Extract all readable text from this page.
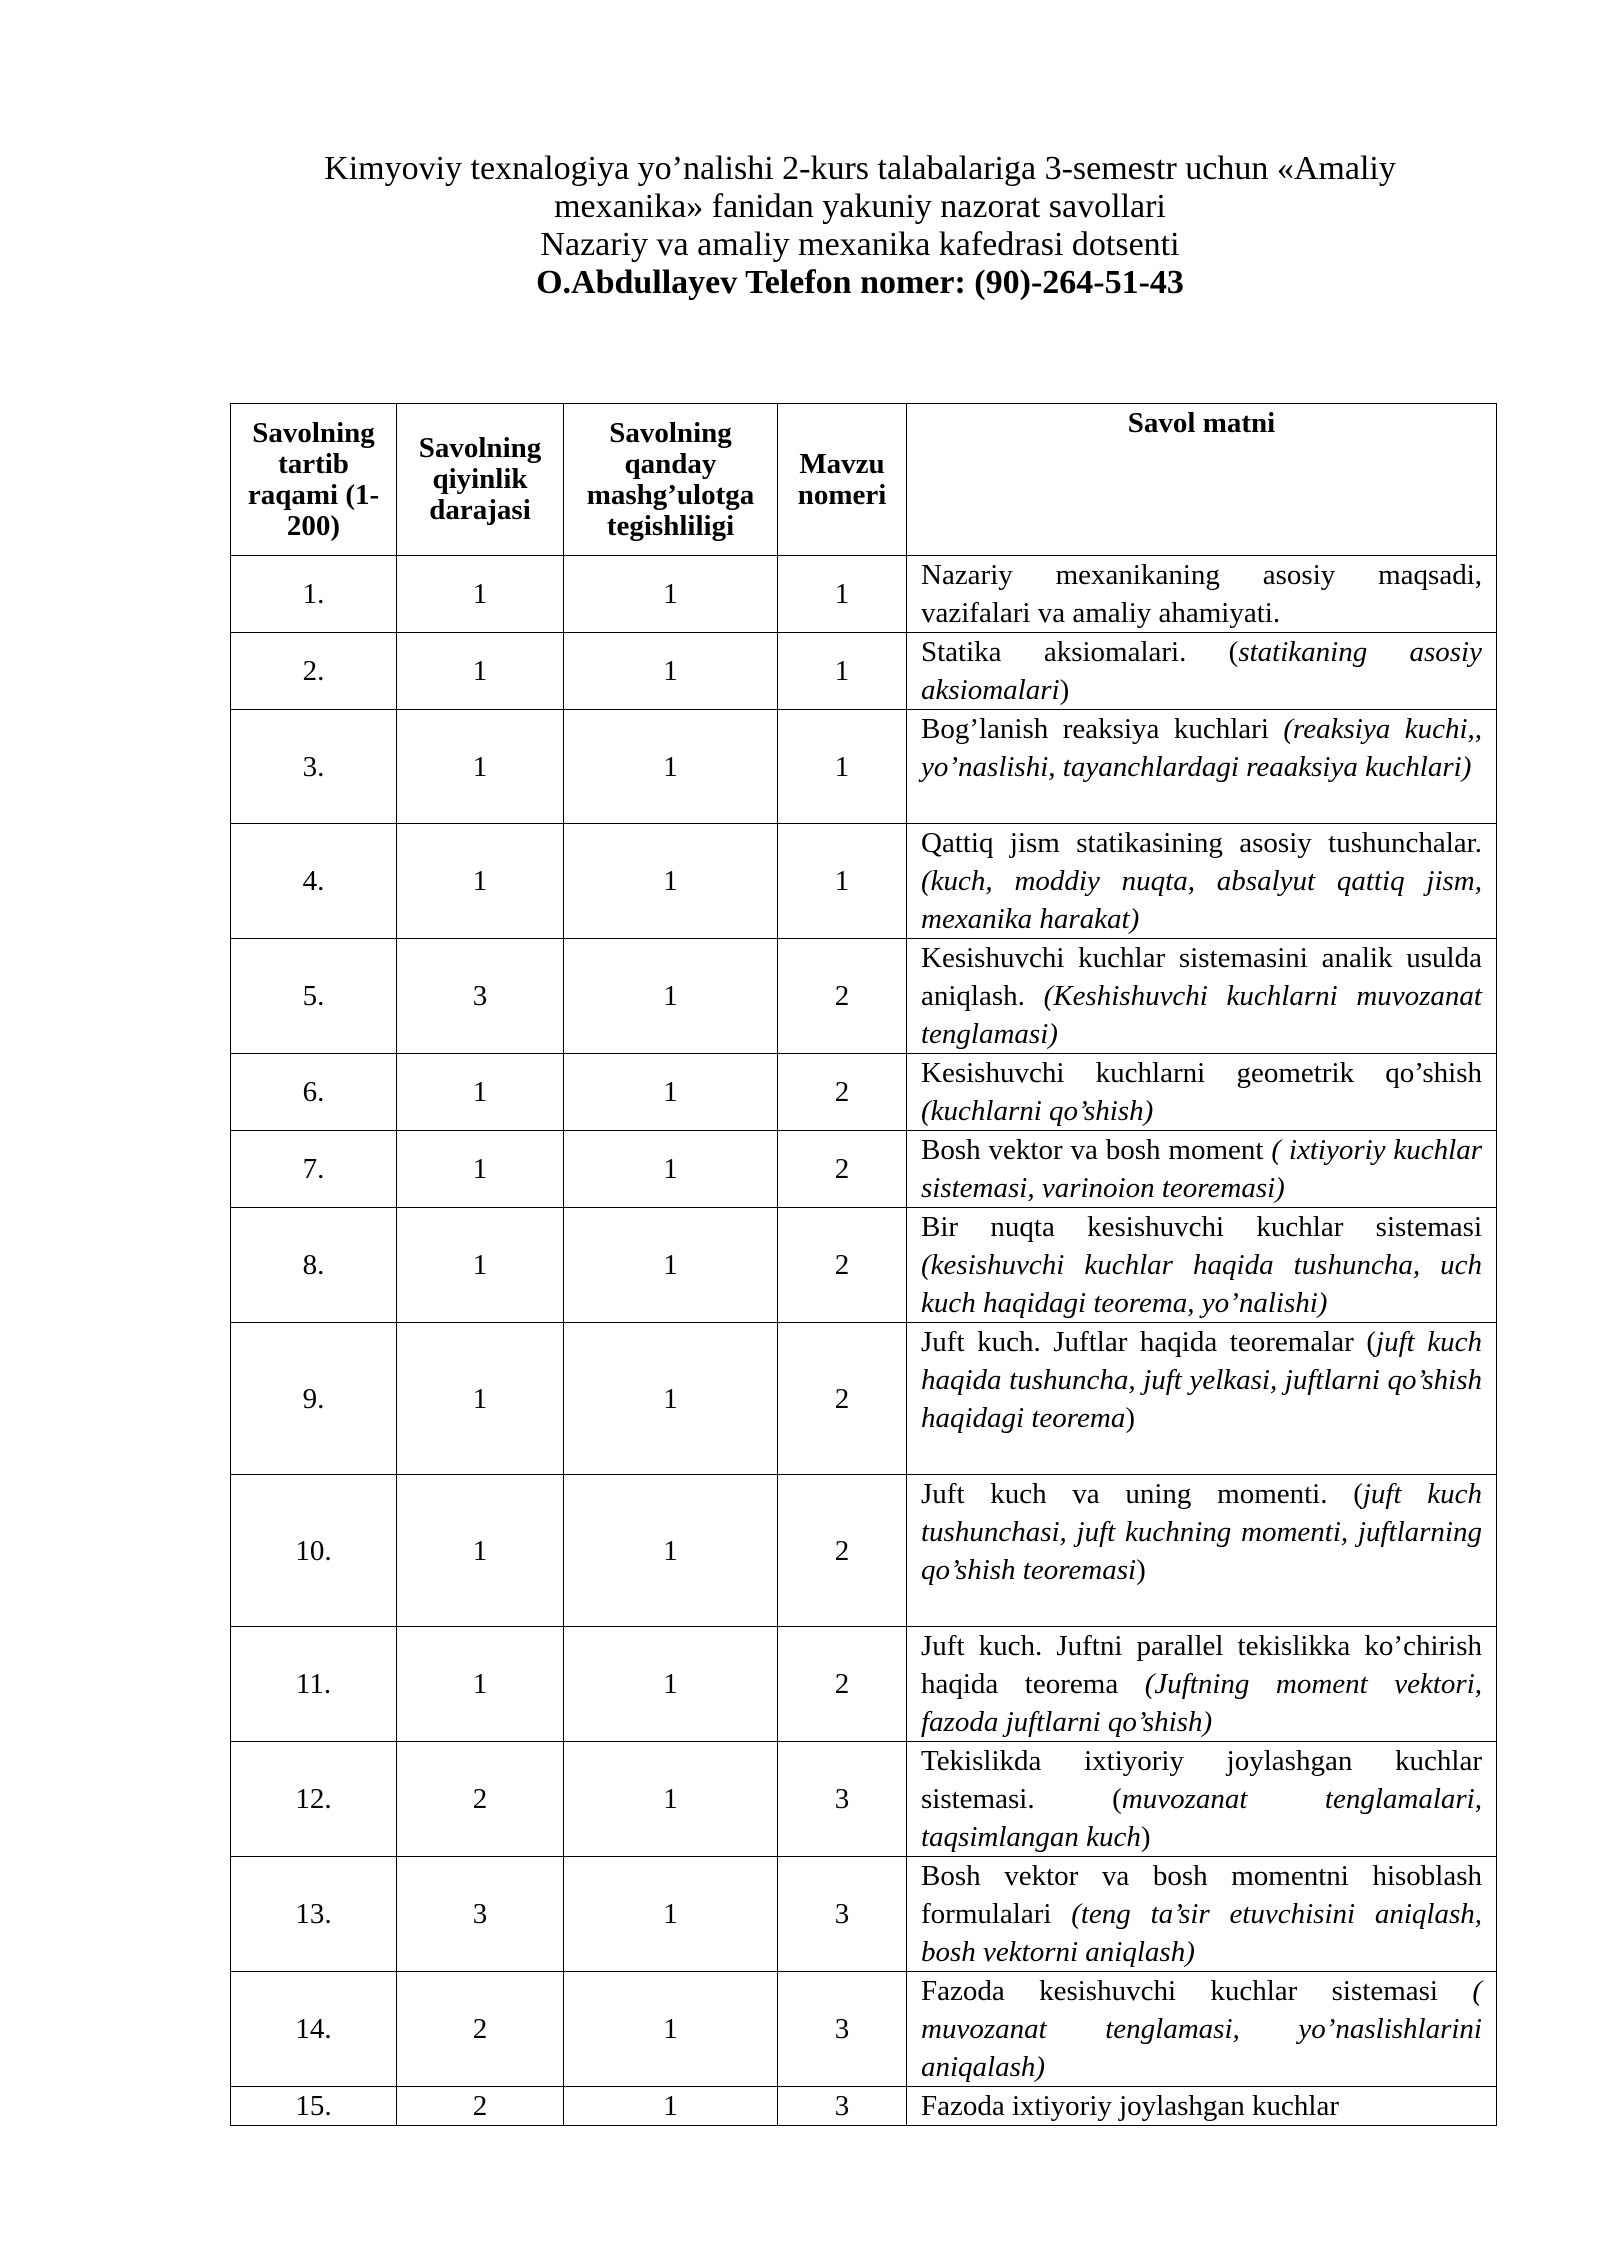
Kimyoviy texnalogiya yo’nalishi 2-kurs talabalariga 3-semestr uchun «Amaliy
mexanika» fanidan yakuniy nazorat savollari
Nazariy va amaliy mexanika kafedrasi dotsenti
O.Abdullayev Telefon nomer: (90)-264-51-43
Savolning tartib raqami (1-200)	Savolning qiyinlik darajasi	Savolning qanday mashg’ulotga tegishliligi	Mavzu nomeri	Savol matni
1.	1	1	1	Nazariy mexanikaning asosiy maqsadi, vazifalari va amaliy ahamiyati.
2.	1	1	1	Statika aksiomalari. (statikaning asosiy aksiomalari)
3.	1	1	1	Bog’lanish reaksiya kuchlari (reaksiya kuchi,, yo’naslishi, tayanchlardagi reaaksiya kuchlari)
4.	1	1	1	Qattiq jism statikasining asosiy tushunchalar. (kuch, moddiy nuqta, absalyut qattiq jism, mexanika harakat)
5.	3	1	2	Kesishuvchi kuchlar sistemasini analik usulda aniqlash. (Keshishuvchi kuchlarni muvozanat tenglamasi)
6.	1	1	2	Kesishuvchi kuchlarni geometrik qo’shish (kuchlarni qo’shish)
7.	1	1	2	Bosh vektor va bosh moment ( ixtiyoriy kuchlar sistemasi, varinoion teoremasi)
8.	1	1	2	Bir nuqta kesishuvchi kuchlar sistemasi (kesishuvchi kuchlar haqida tushuncha, uch kuch haqidagi teorema, yo’nalishi)
9.	1	1	2	Juft kuch. Juftlar haqida teoremalar (juft kuch haqida tushuncha, juft yelkasi, juftlarni qo’shish haqidagi teorema)
10.	1	1	2	Juft kuch va uning momenti. (juft kuch tushunchasi, juft kuchning momenti, juftlarning qo’shish teoremasi)
11.	1	1	2	Juft kuch. Juftni parallel tekislikka ko’chirish haqida teorema (Juftning moment vektori, fazoda juftlarni qo’shish)
12.	2	1	3	Tekislikda ixtiyoriy joylashgan kuchlar sistemasi. (muvozanat tenglamalari, taqsimlangan kuch)
13.	3	1	3	Bosh vektor va bosh momentni hisoblash formulalari (teng ta’sir etuvchisini aniqlash, bosh vektorni aniqlash)
14.	2	1	3	Fazoda kesishuvchi kuchlar sistemasi ( muvozanat tenglamasi, yo’naslishlarini aniqalash)
15.	2	1	3	Fazoda ixtiyoriy joylashgan kuchlar
